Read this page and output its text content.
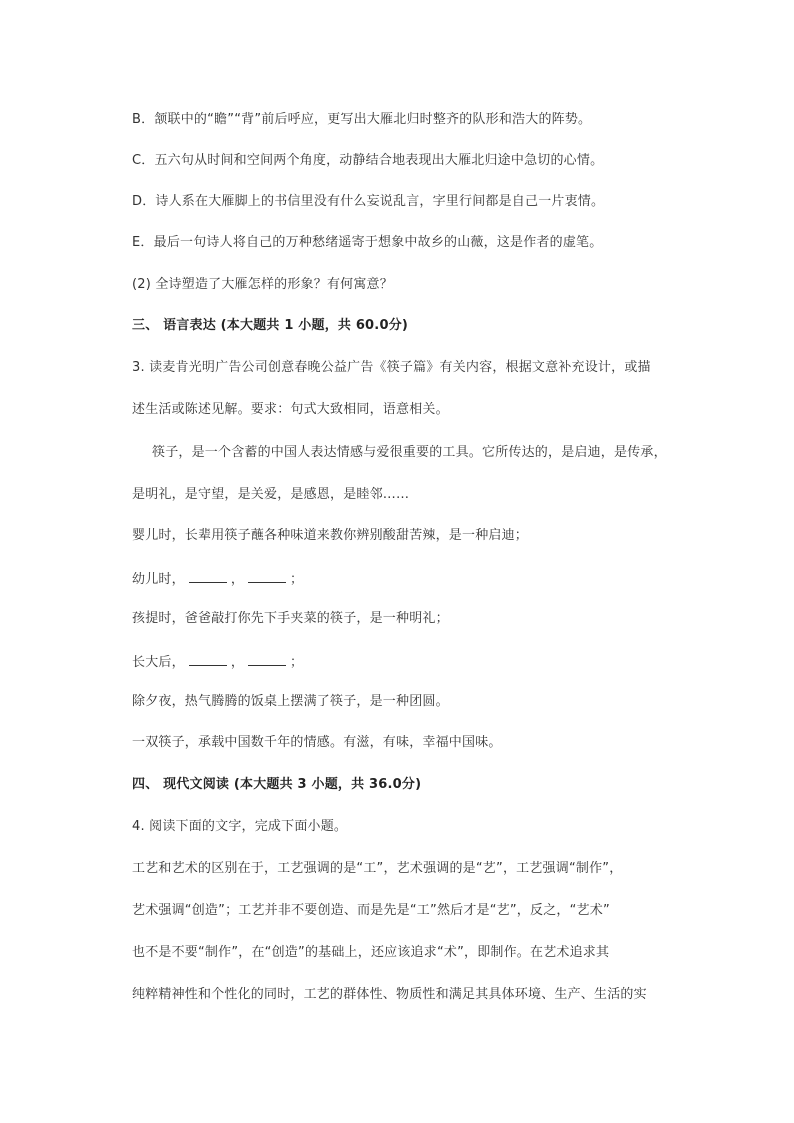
B．颔联中的“瞻”“背”前后呼应，更写出大雁北归时整齐的队形和浩大的阵势。
C．五六句从时间和空间两个角度，动静结合地表现出大雁北归途中急切的心情。
D．诗人系在大雁脚上的书信里没有什么妄说乱言，字里行间都是自己一片衷情。
E．最后一句诗人将自己的万种愁绪遥寄于想象中故乡的山薇，这是作者的虚笔。
(2) 全诗塑造了大雁怎样的形象？有何寓意？
三、 语言表达 (本大题共 1 小题，共 60.0分)
3. 读麦肯光明广告公司创意春晚公益广告《筷子篇》有关内容，根据文意补充设计，或描
述生活或陈述见解。要求：句式大致相同，语意相关。
筷子，是一个含蓄的中国人表达情感与爱很重要的工具。它所传达的，是启迪，是传承，
是明礼，是守望，是关爱，是感恩，是睦邻……
婴儿时，长辈用筷子蘸各种味道来教你辨别酸甜苦辣，是一种启迪；
幼儿时，	，	；
孩提时，爸爸敲打你先下手夹菜的筷子，是一种明礼；
长大后，	，	；
除夕夜，热气腾腾的饭桌上摆满了筷子，是一种团圆。
一双筷子，承载中国数千年的情感。有滋，有味，幸福中国味。
四、 现代文阅读 (本大题共 3 小题，共 36.0分)
4. 阅读下面的文字，完成下面小题。
工艺和艺术的区别在于，工艺强调的是“工”，艺术强调的是“艺”，工艺强调“制作”，
艺术强调“创造”；工艺并非不要创造、而是先是“工”然后才是“艺”，反之，“艺术”
也不是不要“制作”，在“创造”的基础上，还应该追求“术”，即制作。在艺术追求其
纯粹精神性和个性化的同时，工艺的群体性、物质性和满足其具体环境、生产、生活的实
